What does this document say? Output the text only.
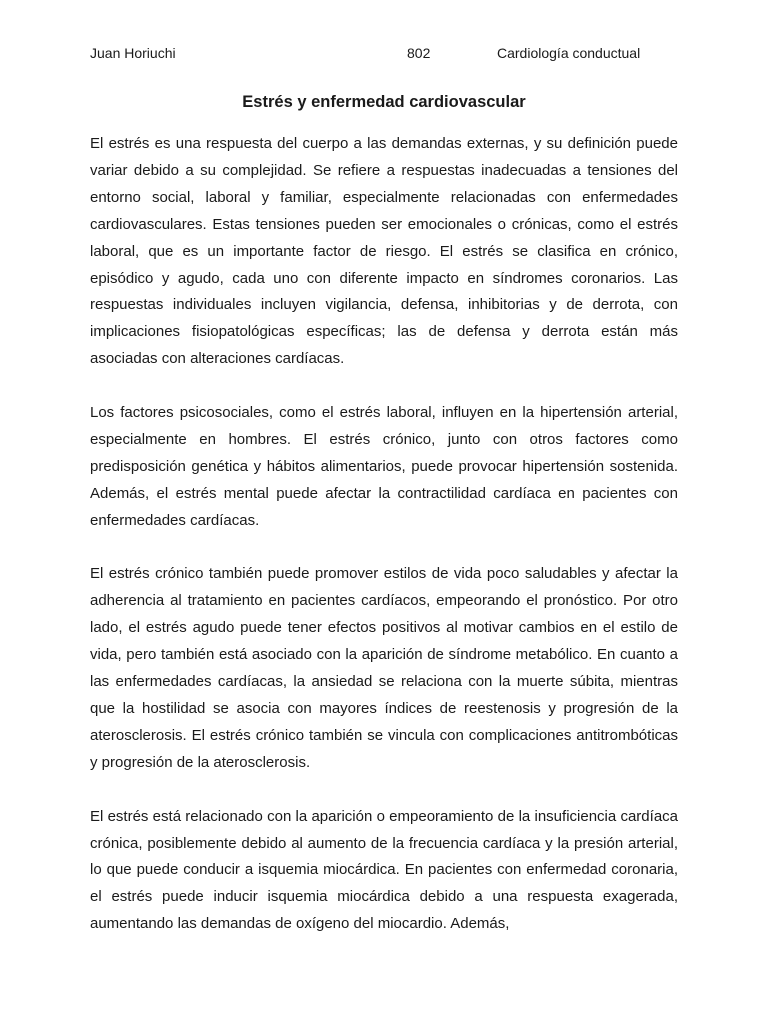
Juan Horiuchi	802	Cardiología conductual
Estrés y enfermedad cardiovascular

El estrés es una respuesta del cuerpo a las demandas externas, y su definición puede variar debido a su complejidad. Se refiere a respuestas inadecuadas a tensiones del entorno social, laboral y familiar, especialmente relacionadas con enfermedades cardiovasculares. Estas tensiones pueden ser emocionales o crónicas, como el estrés laboral, que es un importante factor de riesgo. El estrés se clasifica en crónico, episódico y agudo, cada uno con diferente impacto en síndromes coronarios. Las respuestas individuales incluyen vigilancia, defensa, inhibitorias y de derrota, con implicaciones fisiopatológicas específicas; las de defensa y derrota están más asociadas con alteraciones cardíacas.

Los factores psicosociales, como el estrés laboral, influyen en la hipertensión arterial, especialmente en hombres. El estrés crónico, junto con otros factores como predisposición genética y hábitos alimentarios, puede provocar hipertensión sostenida. Además, el estrés mental puede afectar la contractilidad cardíaca en pacientes con enfermedades cardíacas.

El estrés crónico también puede promover estilos de vida poco saludables y afectar la adherencia al tratamiento en pacientes cardíacos, empeorando el pronóstico. Por otro lado, el estrés agudo puede tener efectos positivos al motivar cambios en el estilo de vida, pero también está asociado con la aparición de síndrome metabólico. En cuanto a las enfermedades cardíacas, la ansiedad se relaciona con la muerte súbita, mientras que la hostilidad se asocia con mayores índices de reestenosis y progresión de la aterosclerosis. El estrés crónico también se vincula con complicaciones antitrombóticas y progresión de la aterosclerosis.

El estrés está relacionado con la aparición o empeoramiento de la insuficiencia cardíaca crónica, posiblemente debido al aumento de la frecuencia cardíaca y la presión arterial, lo que puede conducir a isquemia miocárdica. En pacientes con enfermedad coronaria, el estrés puede inducir isquemia miocárdica debido a una respuesta exagerada, aumentando las demandas de oxígeno del miocardio. Además,
